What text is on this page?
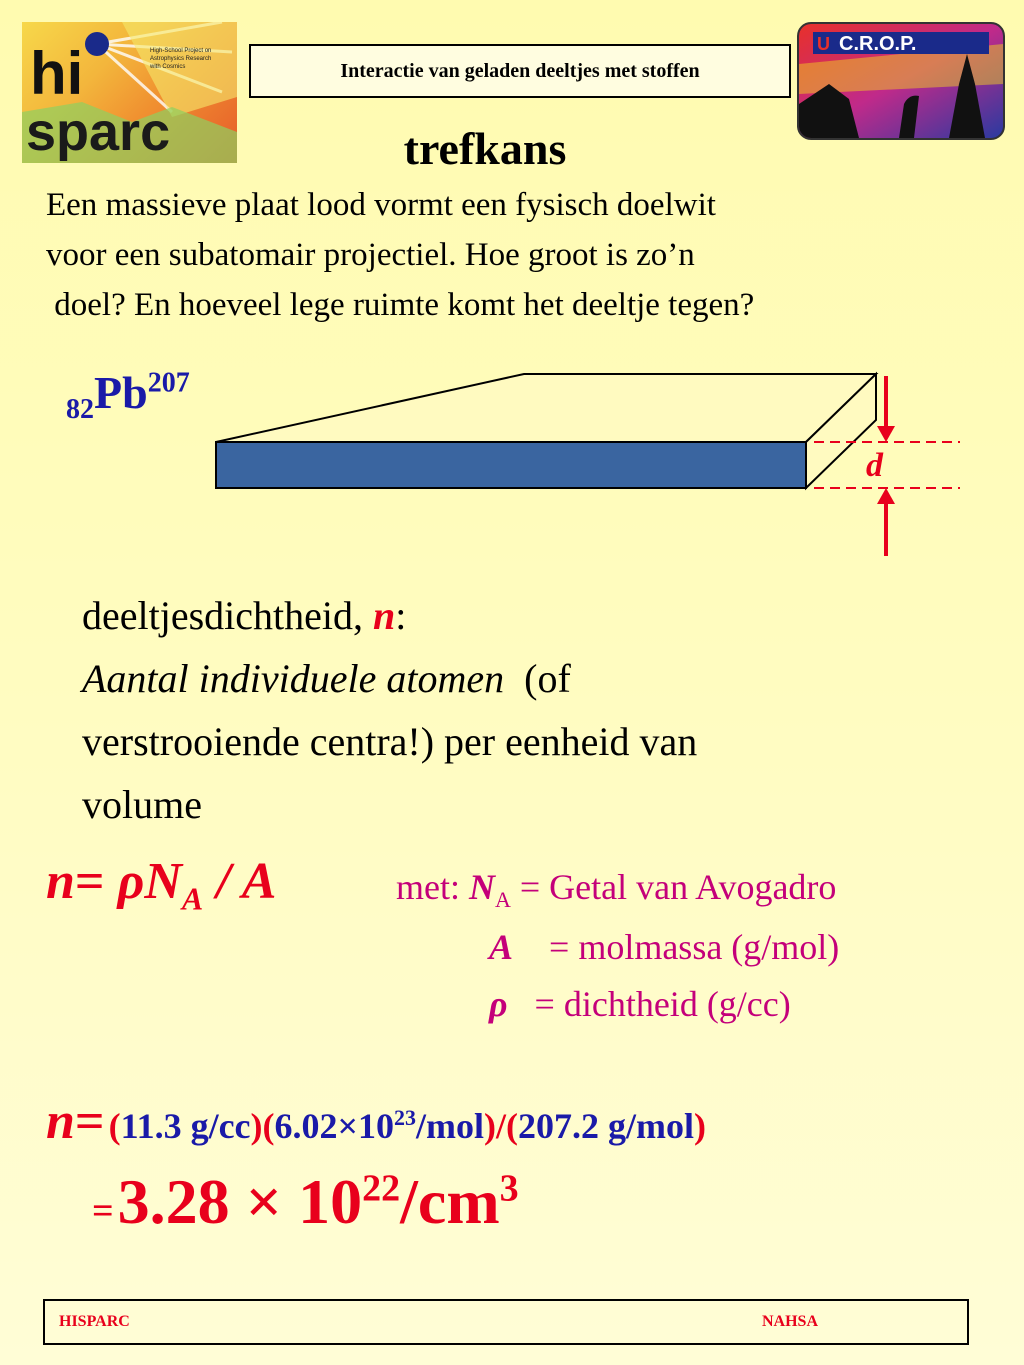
sparc
High-School Project on
Astrophysics Research
with Cosmics
hi	Interactie van geladen deeltjes met stoffen
C.R.O.P.
U
trefkans
Een massieve plaat lood vormt een fysisch doelwit
voor een subatomair projectiel. Hoe groot is zo’n
doel? En hoeveel lege ruimte komt het deeltje tegen?
$_{82}Pb^{207}$
d
deeltjesdichtheid, n:
Aantal individuele atomen (of
verstrooiende centra!) per eenheid van
volume
$n= \rho N_A / A$	met: $N_A$ = Getal van Avogadro
A = molmassa (g/mol)
ρ = dichtheid (g/cc)
n= (11.3 $g/cc)(6.02\times 10^{23}/mol)/(207.2$ g/mol)
= $3.28 \times 10^{22}/cm^3$
HISPARC	NAHSA
